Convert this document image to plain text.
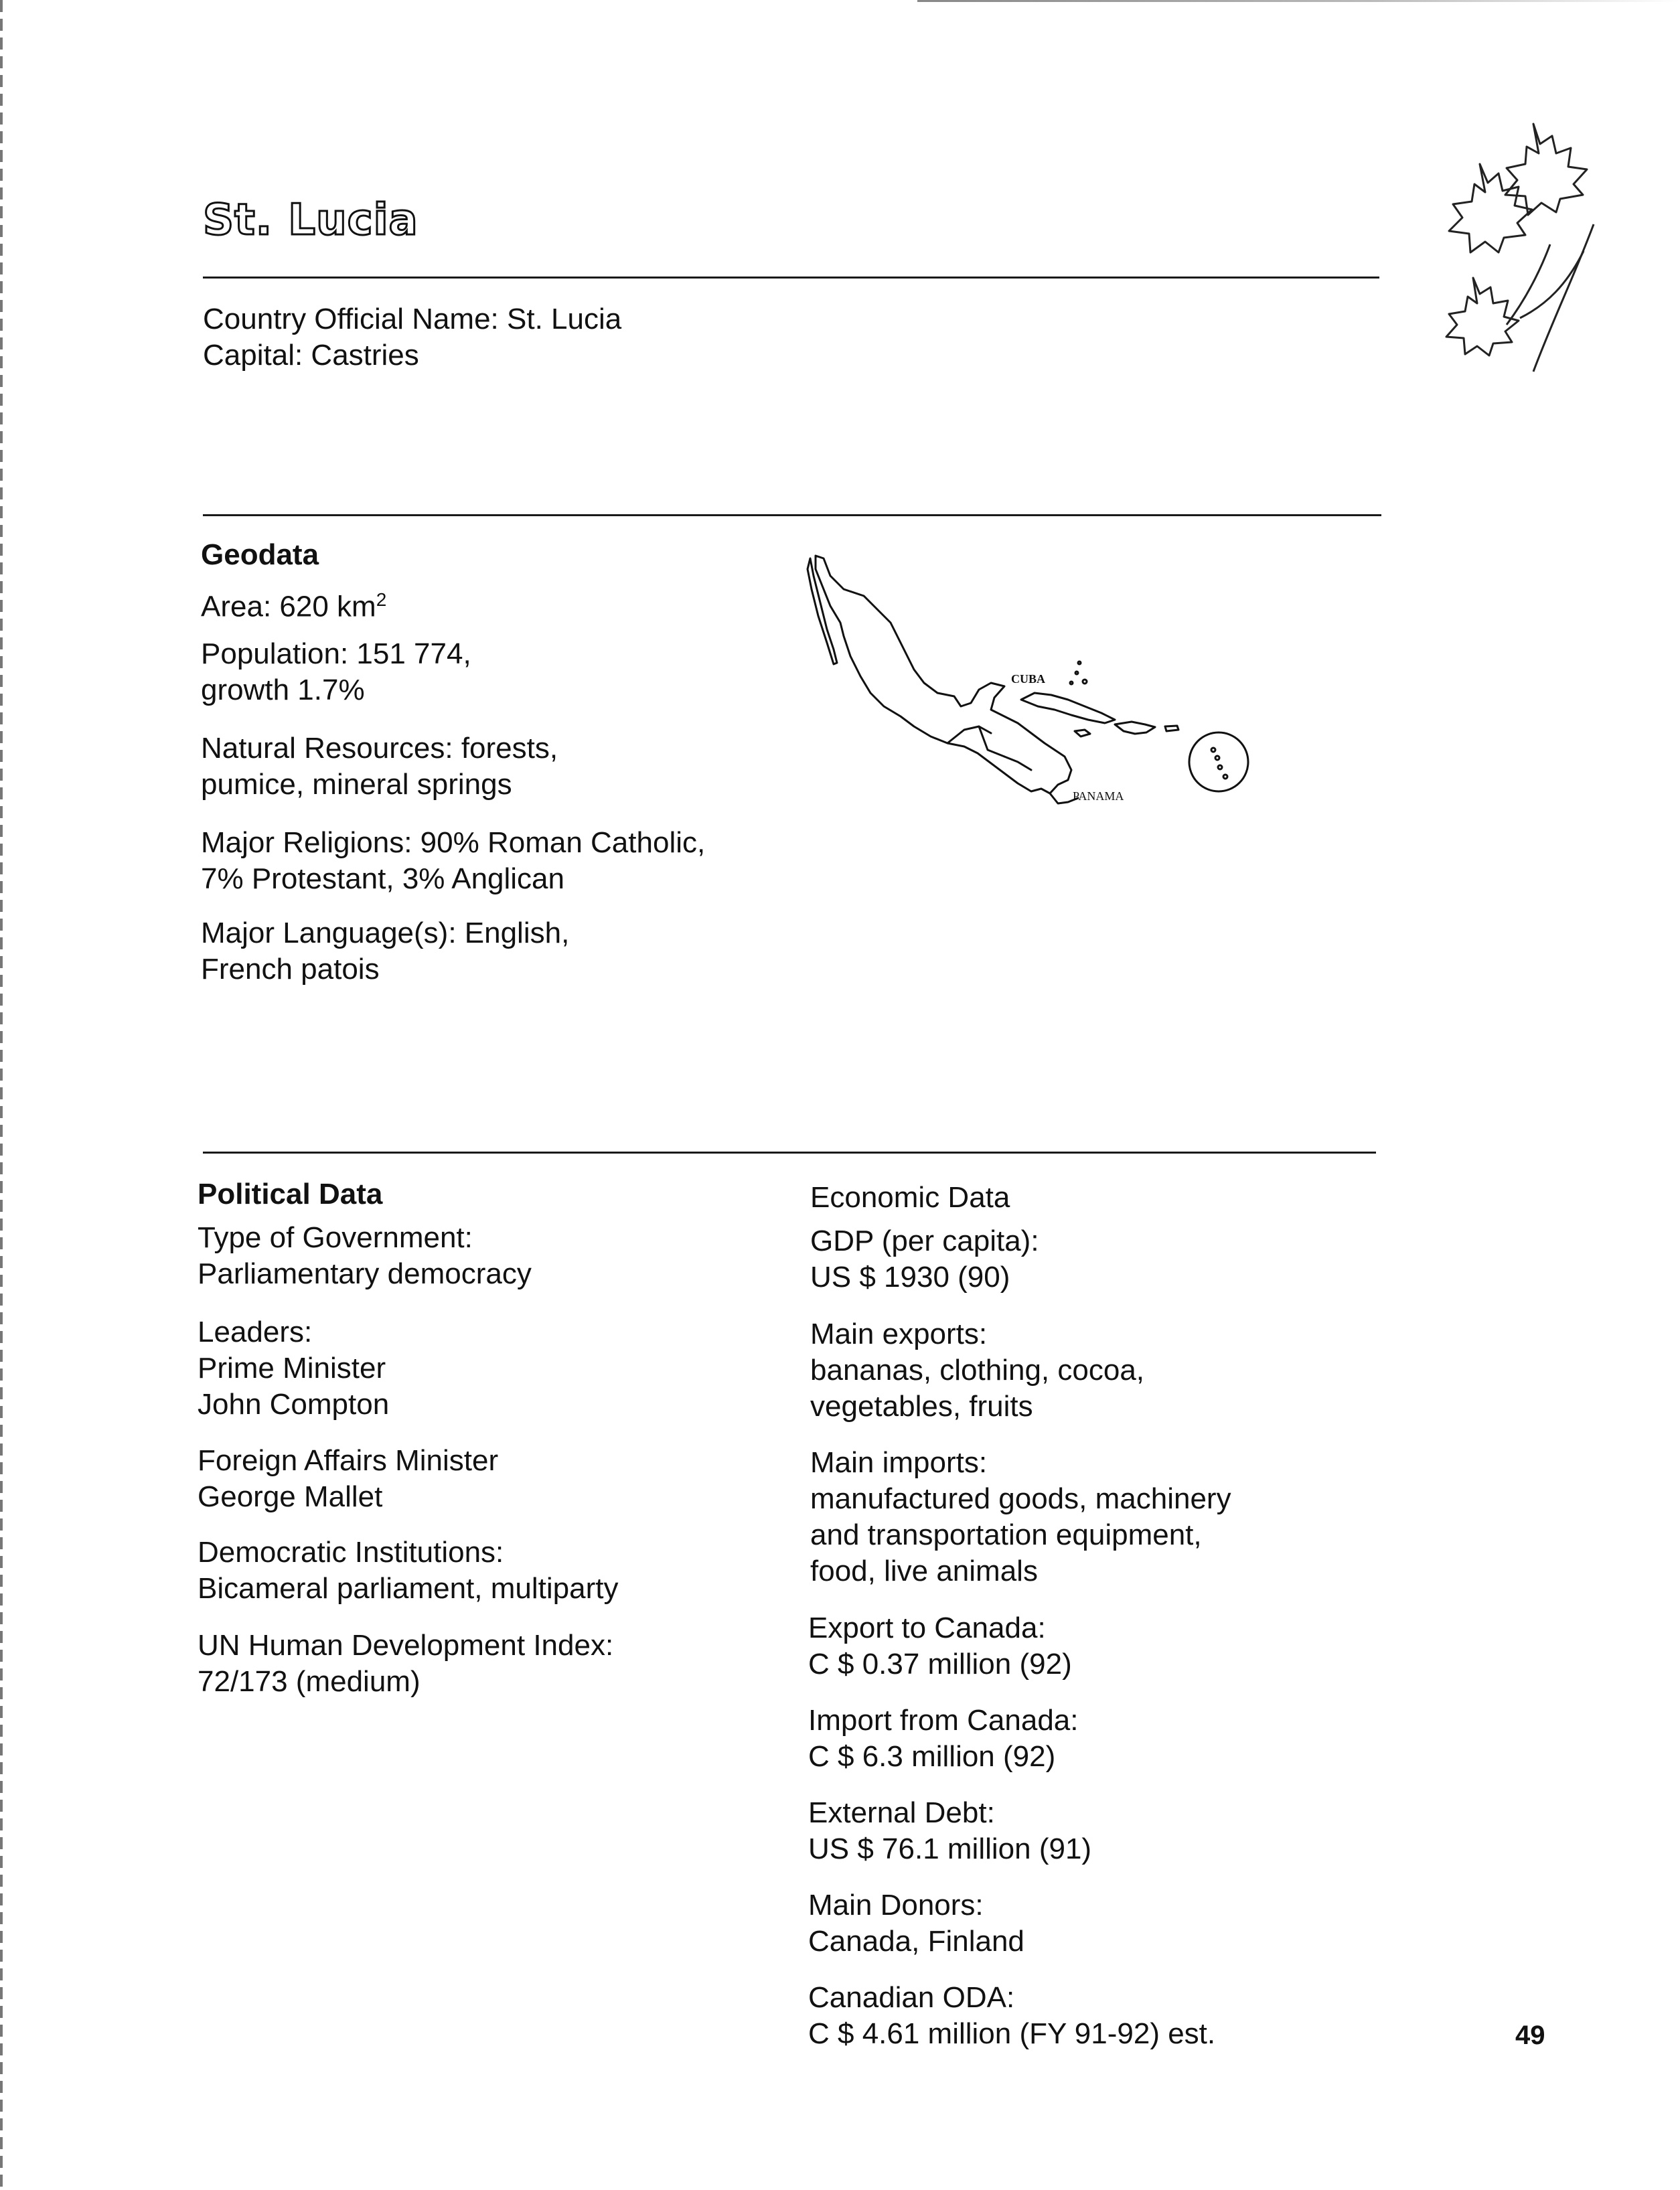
St. Lucia
Country Official Name: St. Lucia
Capital: Castries
Geodata
Area: 620 $km^2$
Population: 151 774,
growth 1.7%
Natural Resources: forests,
pumice, mineral springs
Major Religions: 90% Roman Catholic,
7% Protestant, 3% Anglican
Major Language(s): English,
French patois
CUBA
PANAMA
Political Data
Type of Government:
Parliamentary democracy
Leaders:
Prime Minister
John Compton
Foreign Affairs Minister
George Mallet
Democratic Institutions:
Bicameral parliament, multiparty
UN Human Development Index:
72/173 (medium)
Economic Data
GDP (per capita):
US $ 1930 (90)
Main exports:
bananas, clothing, cocoa,
vegetables, fruits
Main imports:
manufactured goods, machinery
and transportation equipment,
food, live animals
Export to Canada:
C $ 0.37 million (92)
Import from Canada:
C $ 6.3 million (92)
External Debt:
US $ 76.1 million (91)
Main Donors:
Canada, Finland
Canadian ODA:
C $ 4.61 million (FY 91-92) est.	49
